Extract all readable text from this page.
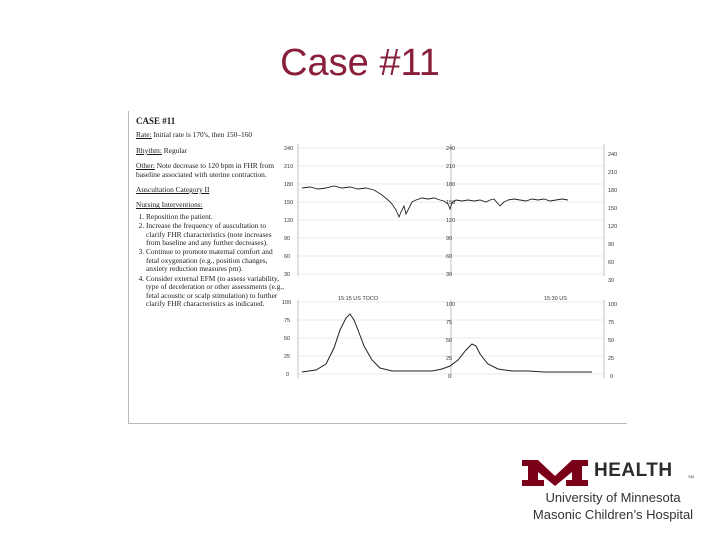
Case #11
CASE #11
Rate: Initial rate is 170's, then 150–160
Rhythm: Regular
Other: Note decrease to 120 bpm in FHR from baseline associated with uterine contraction.
Auscultation Category II
Nursing Interventions:
1. Reposition the patient.
2. Increase the frequency of auscultation to clarify FHR characteristics (note increases from baseline and any further decreases).
3. Continue to promote maternal comfort and fetal oxygenation (e.g., position changes, anxiety reduction measures prn).
4. Consider external EFM (to assess variability, type of deceleration or other assessments (e.g., fetal acoustic or scalp stimulation) to further clarify FHR characteristics as indicated.
240
210
180
150
120
90
60
30
240
210
180
150
120
90
60
30
240
210
180
150
120
90
60
30
15:15 US TOCO	15:30 US
100
75
50
25
0
100
75
50
25
0
100
75
50
25
0
HEALTH	SM
University of Minnesota
Masonic Children’s Hospital
